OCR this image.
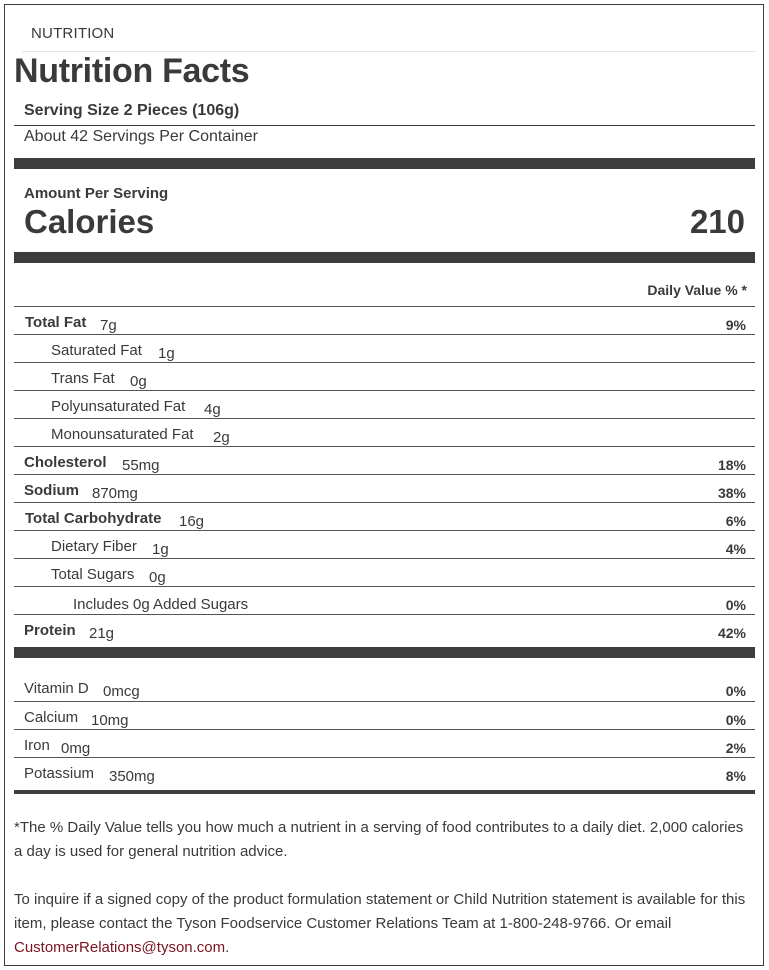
NUTRITION
Nutrition Facts
Serving Size 2 Pieces (106g)
About 42 Servings Per Container
Amount Per Serving
Calories	210
Daily Value % *
Total Fat 7g	9%
Saturated Fat 1g
Trans Fat 0g
Polyunsaturated Fat 4g
Monounsaturated Fat 2g
Cholesterol 55mg	18%
Sodium 870mg	38%
Total Carbohydrate 16g	6%
Dietary Fiber 1g	4%
Total Sugars 0g
Includes 0g Added Sugars	0%
Protein 21g	42%
Vitamin D 0mcg	0%
Calcium 10mg	0%
Iron 0mg	2%
Potassium 350mg	8%
*The % Daily Value tells you how much a nutrient in a serving of food contributes to a daily diet. 2,000 calories a day is used for general nutrition advice.
To inquire if a signed copy of the product formulation statement or Child Nutrition statement is available for this item, please contact the Tyson Foodservice Customer Relations Team at 1-800-248-9766. Or email CustomerRelations@tyson.com.
